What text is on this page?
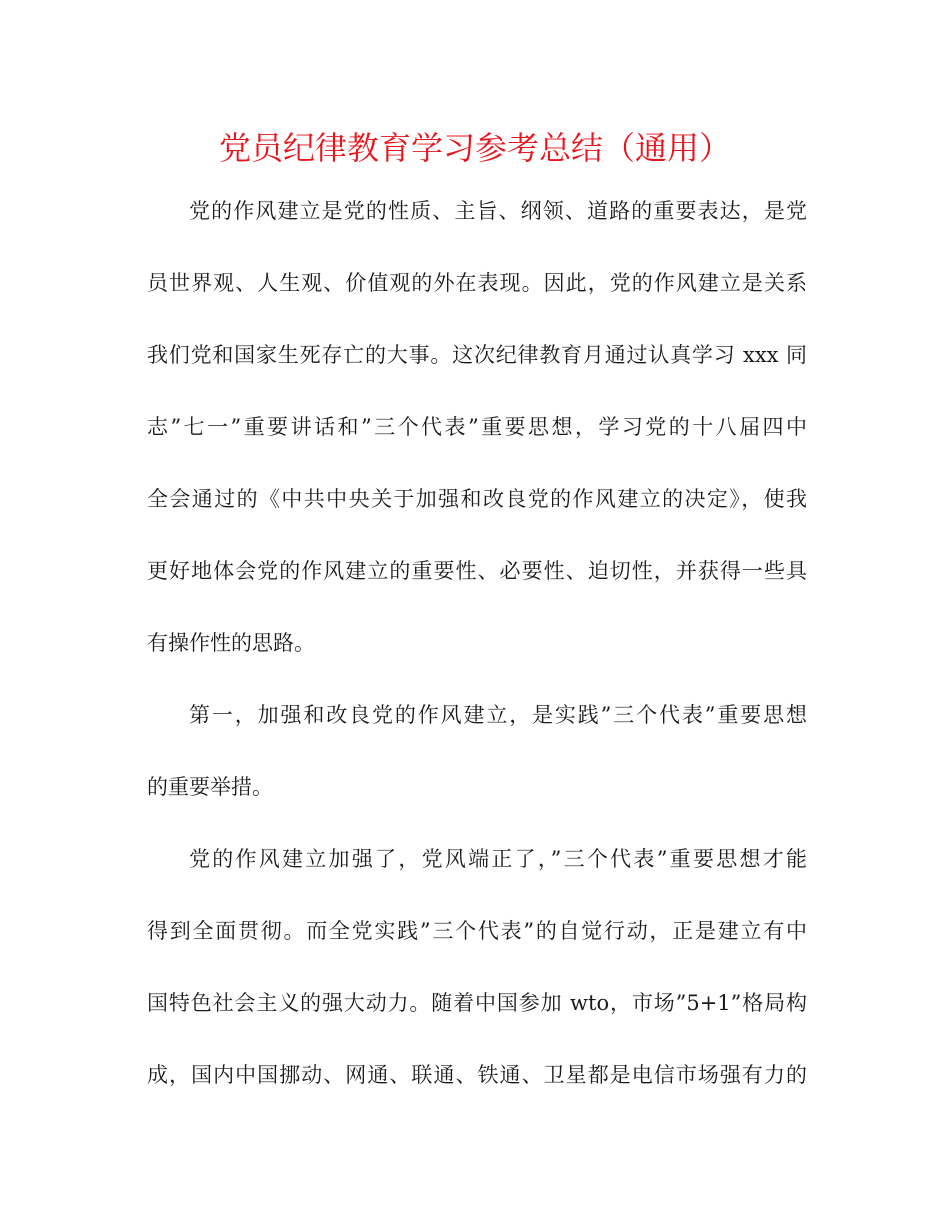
党员纪律教育学习参考总结（通用）
党的作风建立是党的性质、主旨、纲领、道路的重要表达，是党
员世界观、人生观、价值观的外在表现。因此，党的作风建立是关系
我们党和国家生死存亡的大事。这次纪律教育月通过认真学习 xxx 同
志”七一”重要讲话和”三个代表”重要思想，学习党的十八届四中
全会通过的《中共中央关于加强和改良党的作风建立的决定》，使我
更好地体会党的作风建立的重要性、必要性、迫切性，并获得一些具
有操作性的思路。
第一，加强和改良党的作风建立，是实践”三个代表”重要思想
的重要举措。
党的作风建立加强了，党风端正了，”三个代表”重要思想才能
得到全面贯彻。而全党实践”三个代表”的自觉行动，正是建立有中
国特色社会主义的强大动力。随着中国参加 wto，市场”5+1”格局构
成，国内中国挪动、网通、联通、铁通、卫星都是电信市场强有力的
